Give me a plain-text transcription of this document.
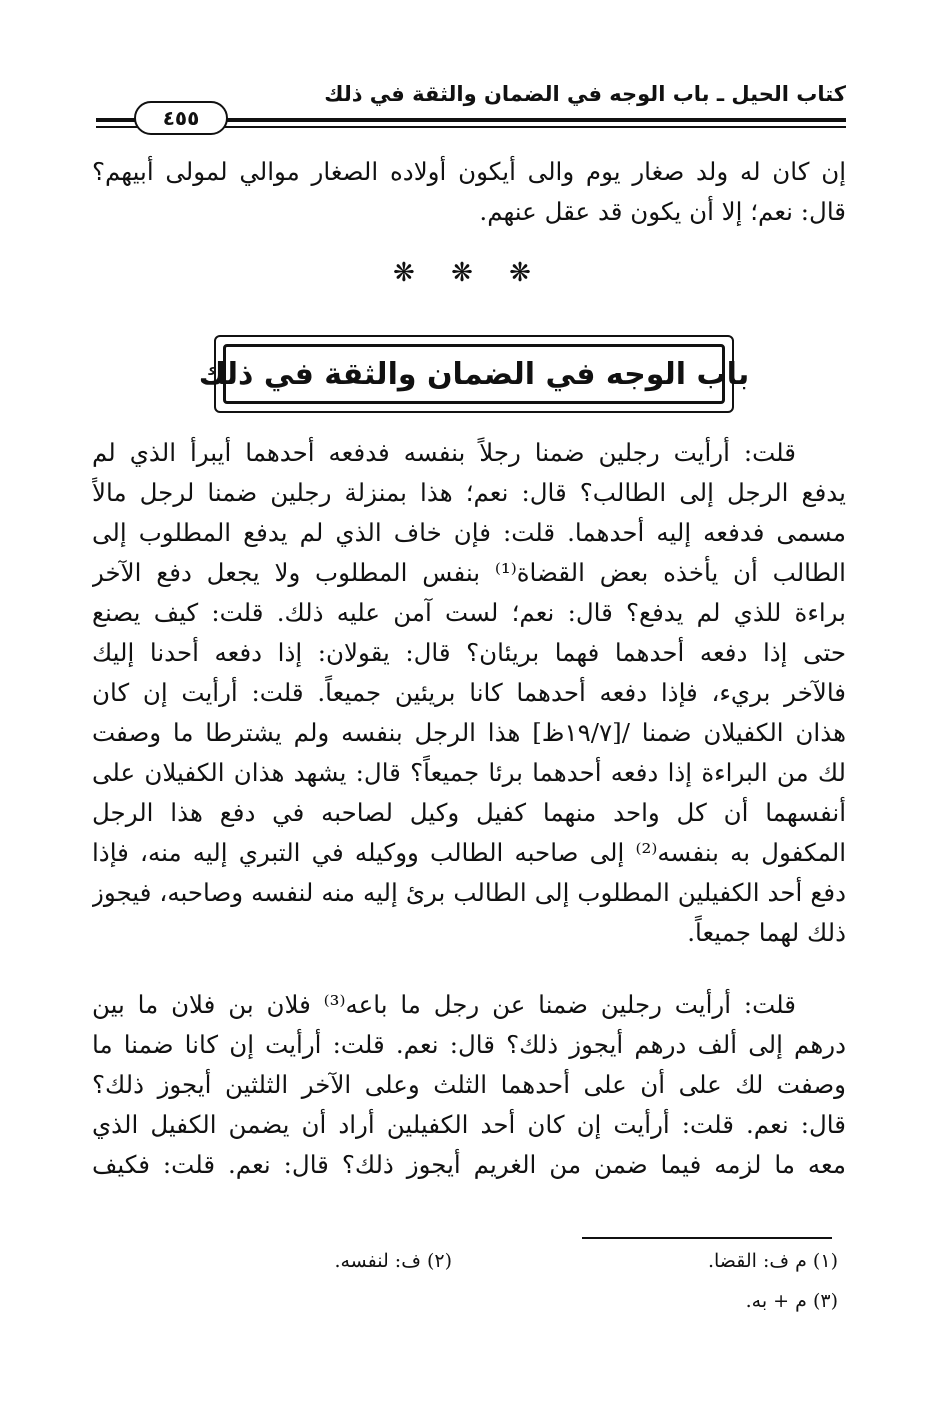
كتاب الحيل ـ باب الوجه في الضمان والثقة في ذلك
٤٥٥

إن كان له ولد صغار يوم والى أيكون أولاده الصغار موالي لمولى أبيهم؟

قال: نعم؛ إلا أن يكون قد عقل عنهم.

❋ ❋ ❋
باب الوجه في الضمان والثقة في ذلك

قلت: أرأيت رجلين ضمنا رجلاً بنفسه فدفعه أحدهما أيبرأ الذي لم

يدفع الرجل إلى الطالب؟ قال: نعم؛ هذا بمنزلة رجلين ضمنا لرجل مالاً

مسمى فدفعه إليه أحدهما. قلت: فإن خاف الذي لم يدفع المطلوب إلى

الطالب أن يأخذه بعض القضاة⁽¹⁾ بنفس المطلوب ولا يجعل دفع الآخر

براءة للذي لم يدفع؟ قال: نعم؛ لست آمن عليه ذلك. قلت: كيف يصنع

حتى إذا دفعه أحدهما فهما بريئان؟ قال: يقولان: إذا دفعه أحدنا إليك

فالآخر بريء، فإذا دفعه أحدهما كانا بريئين جميعاً. قلت: أرأيت إن كان

هذان الكفيلان ضمنا /[١٩/٧ظ] هذا الرجل بنفسه ولم يشترطا ما وصفت

لك من البراءة إذا دفعه أحدهما برئا جميعاً؟ قال: يشهد هذان الكفيلان على

أنفسهما أن كل واحد منهما كفيل وكيل لصاحبه في دفع هذا الرجل

المكفول به بنفسه⁽²⁾ إلى صاحبه الطالب ووكيله في التبري إليه منه، فإذا

دفع أحد الكفيلين المطلوب إلى الطالب برئ إليه منه لنفسه وصاحبه، فيجوز

ذلك لهما جميعاً.

قلت: أرأيت رجلين ضمنا عن رجل ما باعه⁽³⁾ فلان بن فلان ما بين

درهم إلى ألف درهم أيجوز ذلك؟ قال: نعم. قلت: أرأيت إن كانا ضمنا ما

وصفت لك على أن على أحدهما الثلث وعلى الآخر الثلثين أيجوز ذلك؟

قال: نعم. قلت: أرأيت إن كان أحد الكفيلين أراد أن يضمن الكفيل الذي

معه ما لزمه فيما ضمن من الغريم أيجوز ذلك؟ قال: نعم. قلت: فكيف

(١) م ف: القضا.
(٢) ف: لنفسه.
(٣) م + به.
